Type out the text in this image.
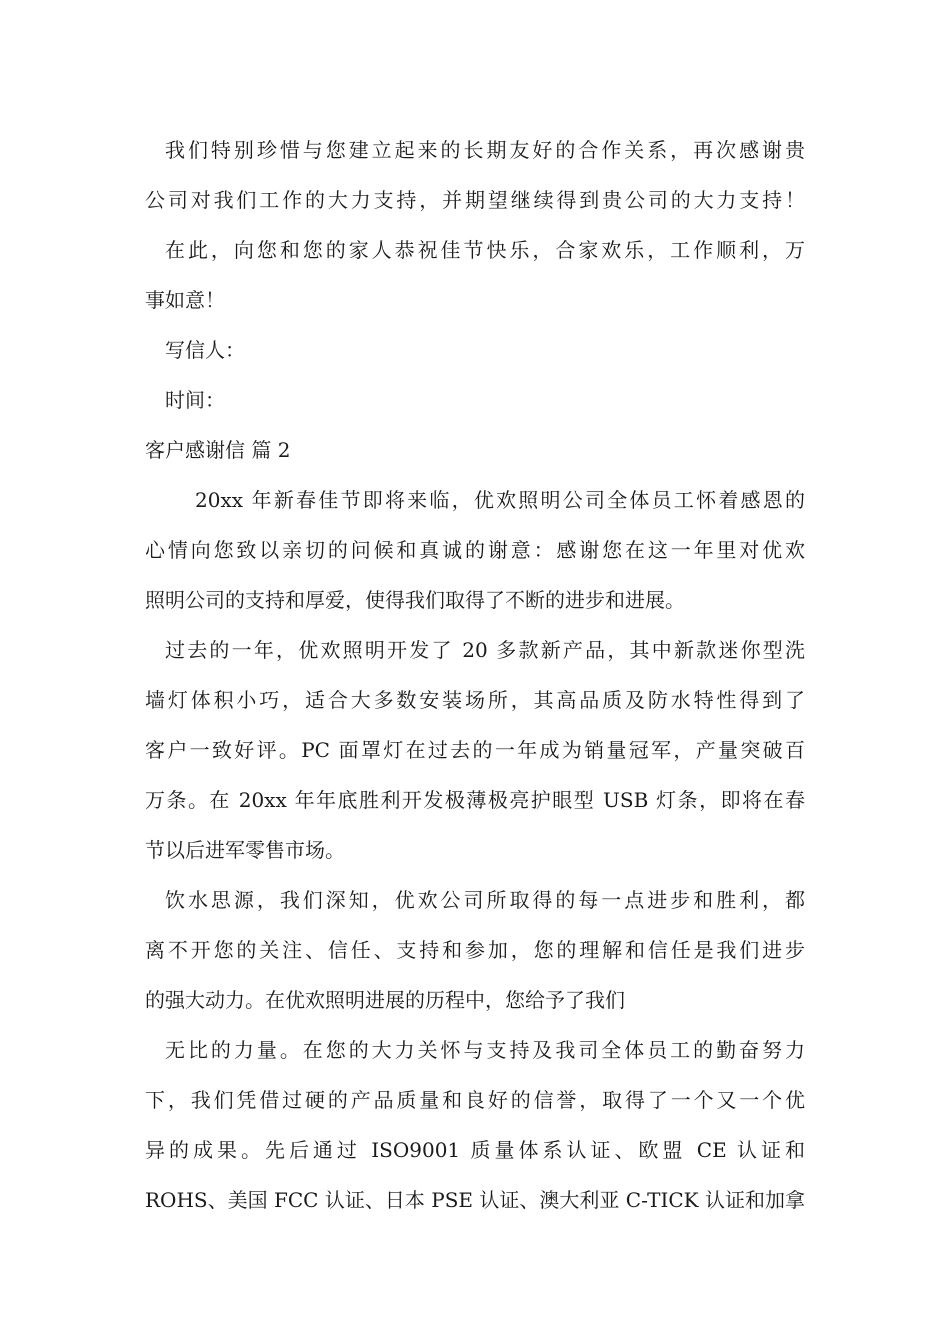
我们特别珍惜与您建立起来的长期友好的合作关系，再次感谢贵
公司对我们工作的大力支持，并期望继续得到贵公司的大力支持！
在此，向您和您的家人恭祝佳节快乐，合家欢乐，工作顺利，万
事如意！
写信人：
时间：
客户感谢信 篇 2
20xx 年新春佳节即将来临，优欢照明公司全体员工怀着感恩的
心情向您致以亲切的问候和真诚的谢意：感谢您在这一年里对优欢
照明公司的支持和厚爱，使得我们取得了不断的进步和进展。
过去的一年，优欢照明开发了 20 多款新产品，其中新款迷你型洗
墙灯体积小巧，适合大多数安装场所，其高品质及防水特性得到了
客户一致好评。PC 面罩灯在过去的一年成为销量冠军，产量突破百
万条。在 20xx 年年底胜利开发极薄极亮护眼型 USB 灯条，即将在春
节以后进军零售市场。
饮水思源，我们深知，优欢公司所取得的每一点进步和胜利，都
离不开您的关注、信任、支持和参加，您的理解和信任是我们进步
的强大动力。在优欢照明进展的历程中，您给予了我们
无比的力量。在您的大力关怀与支持及我司全体员工的勤奋努力
下，我们凭借过硬的产品质量和良好的信誉，取得了一个又一个优
异的成果。先后通过 ISO9001 质量体系认证、欧盟 CE 认证和
ROHS、美国 FCC 认证、日本 PSE 认证、澳大利亚 C-TICK 认证和加拿
